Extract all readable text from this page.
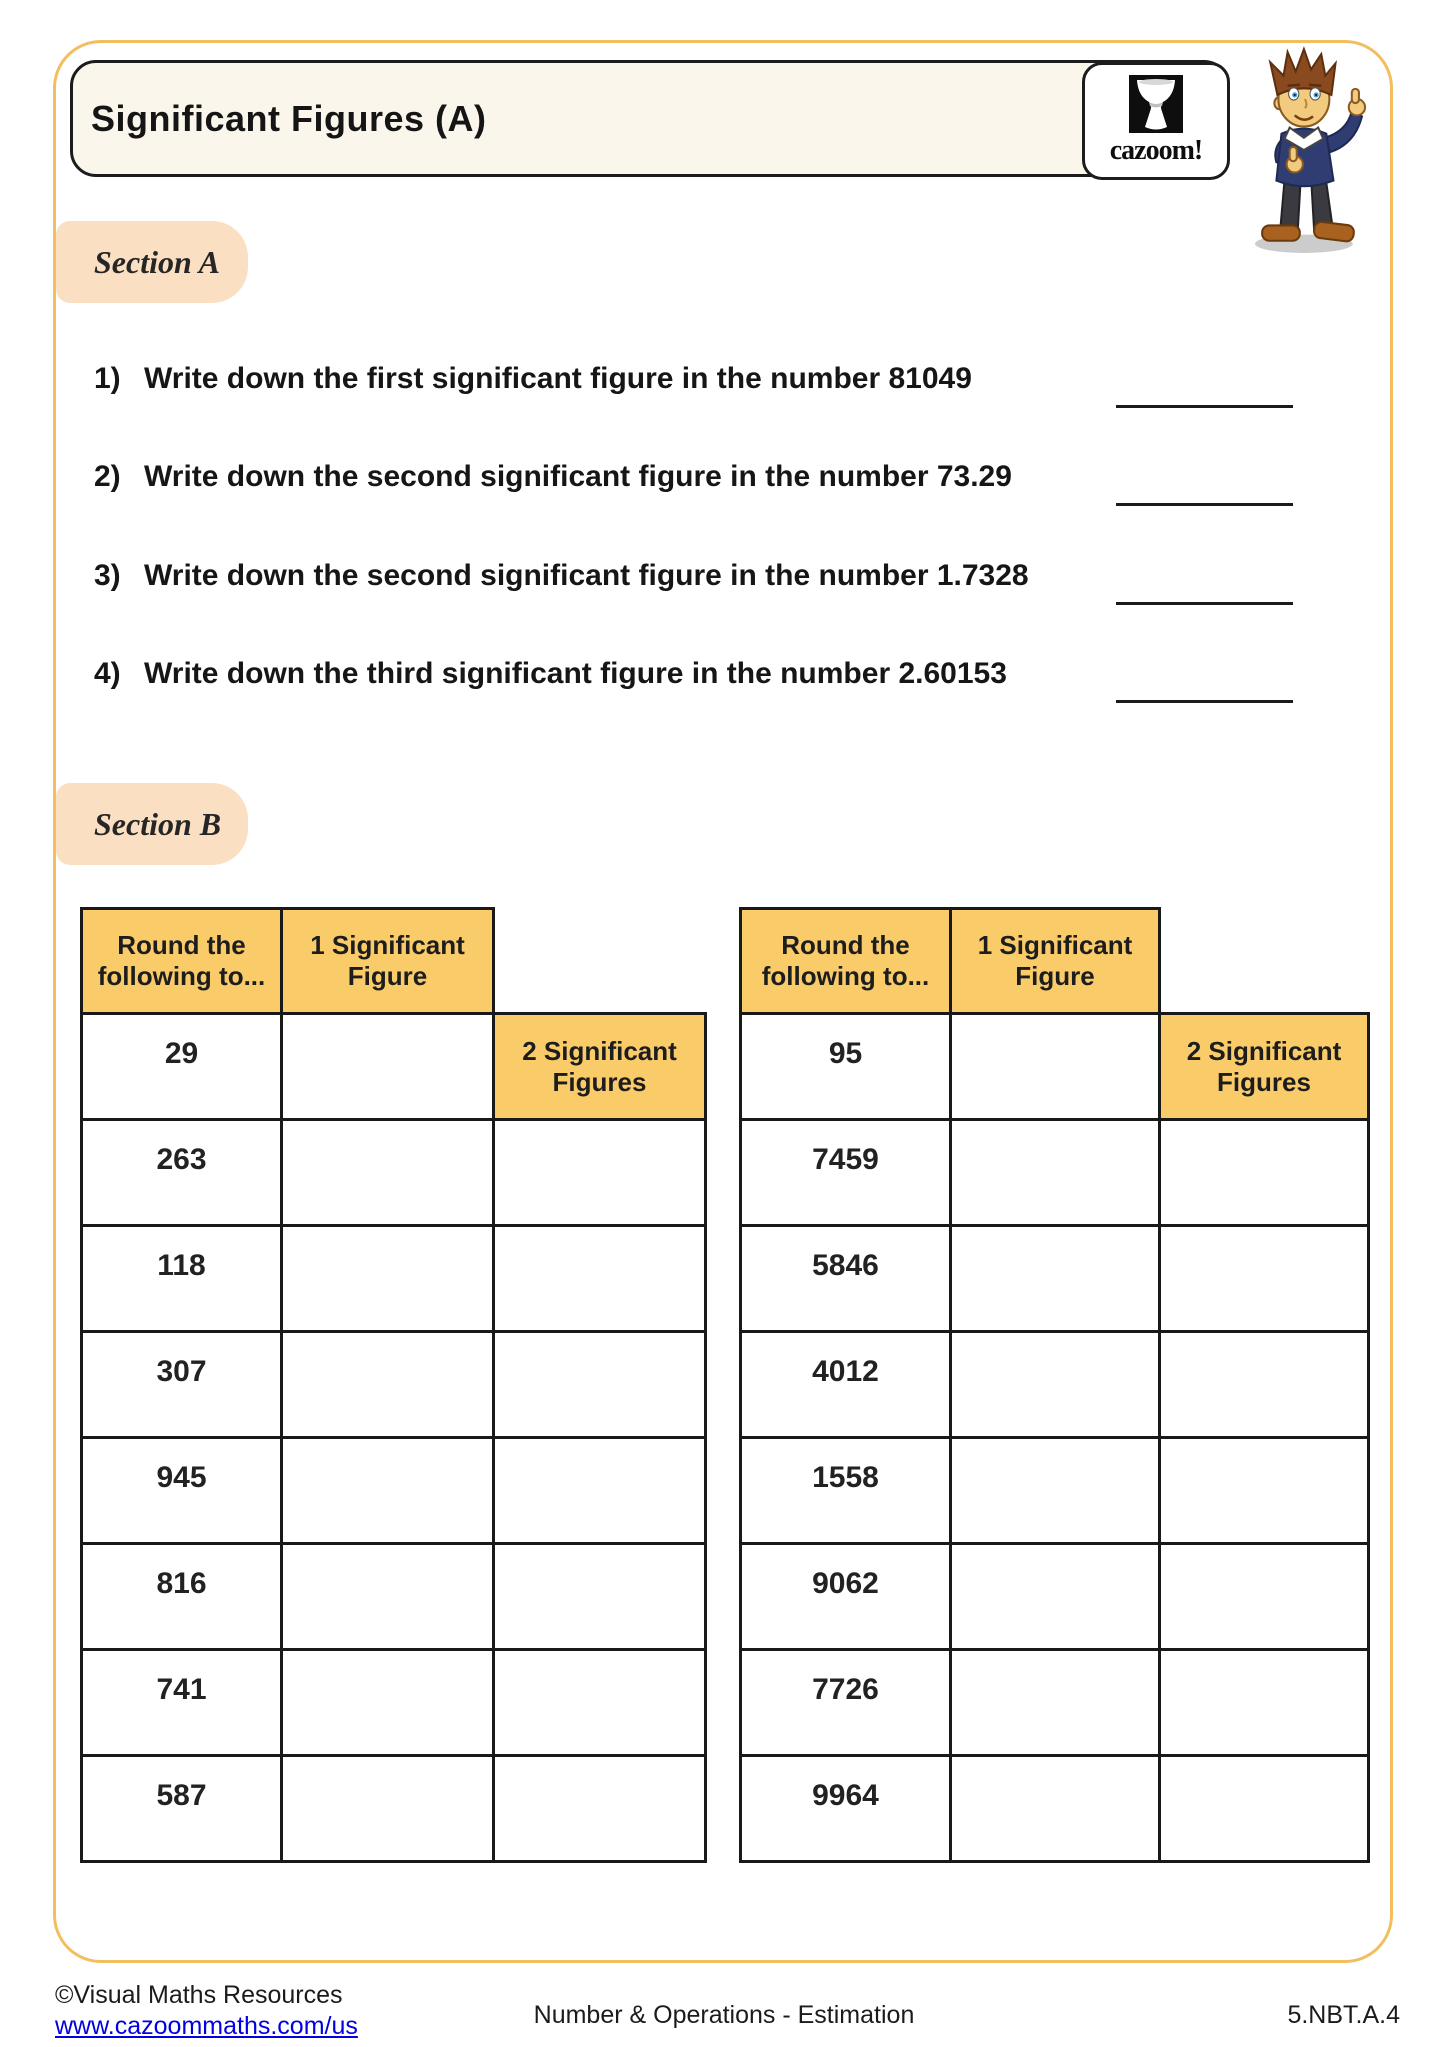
Significant Figures (A)
cazoom!
Section A
1) Write down the first significant figure in the number 81049
2) Write down the second significant figure in the number 73.29
3) Write down the second significant figure in the number 1.7328
4) Write down the third significant figure in the number 2.60153
Section B
Round the following to...	1 Significant Figure	
29		2 Significant Figures
263		
118		
307		
945		
816		
741		
587		
Round the following to...	1 Significant Figure	
95		2 Significant Figures
7459		
5846		
4012		
1558		
9062		
7726		
9964		
©Visual Maths Resources
www.cazoommaths.com/us	Number & Operations - Estimation	5.NBT.A.4
